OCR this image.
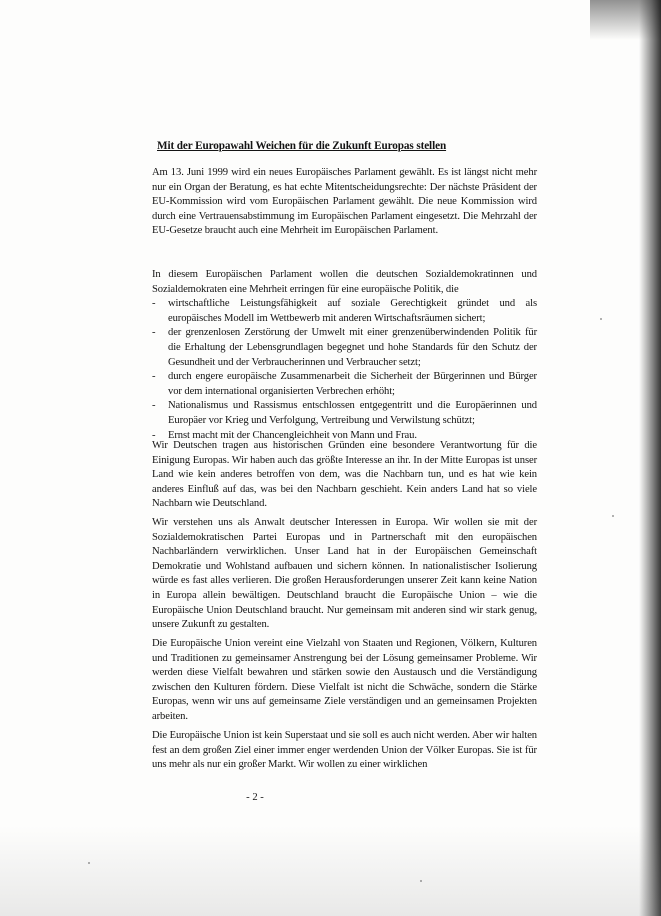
Mit der Europawahl Weichen für die Zukunft Europas stellen

Am 13. Juni 1999 wird ein neues Europäisches Parlament gewählt. Es ist längst nicht mehr nur ein Organ der Beratung, es hat echte Mitentscheidungsrechte: Der nächste Präsident der EU-Kommission wird vom Europäischen Parlament gewählt. Die neue Kommission wird durch eine Vertrauensabstimmung im Europäischen Parlament eingesetzt. Die Mehrzahl der EU-Gesetze braucht auch eine Mehrheit im Europäischen Parlament.

In diesem Europäischen Parlament wollen die deutschen Sozialdemokratinnen und Sozialdemokraten eine Mehrheit erringen für eine europäische Politik, die

- wirtschaftliche Leistungsfähigkeit auf soziale Gerechtigkeit gründet und als europäisches Modell im Wettbewerb mit anderen Wirtschaftsräumen sichert;
- der grenzenlosen Zerstörung der Umwelt mit einer grenzenüberwindenden Politik für die Erhaltung der Lebensgrundlagen begegnet und hohe Standards für den Schutz der Gesundheit und der Verbraucherinnen und Verbraucher setzt;
- durch engere europäische Zusammenarbeit die Sicherheit der Bürgerinnen und Bürger vor dem international organisierten Verbrechen erhöht;
- Nationalismus und Rassismus entschlossen entgegentritt und die Europäerinnen und Europäer vor Krieg und Verfolgung, Vertreibung und Verwilstung schützt;
- Ernst macht mit der Chancengleichheit von Mann und Frau.

Wir Deutschen tragen aus historischen Gründen eine besondere Verantwortung für die Einigung Europas. Wir haben auch das größte Interesse an ihr. In der Mitte Europas ist unser Land wie kein anderes betroffen von dem, was die Nachbarn tun, und es hat wie kein anderes Einfluß auf das, was bei den Nachbarn geschieht. Kein anders Land hat so viele Nachbarn wie Deutschland.

Wir verstehen uns als Anwalt deutscher Interessen in Europa. Wir wollen sie mit der Sozialdemokratischen Partei Europas und in Partnerschaft mit den europäischen Nachbarländern verwirklichen. Unser Land hat in der Europäischen Gemeinschaft Demokratie und Wohlstand aufbauen und sichern können. In nationalistischer Isolierung würde es fast alles verlieren. Die großen Herausforderungen unserer Zeit kann keine Nation in Europa allein bewältigen. Deutschland braucht die Europäische Union – wie die Europäische Union Deutschland braucht. Nur gemeinsam mit anderen sind wir stark genug, unsere Zukunft zu gestalten.

Die Europäische Union vereint eine Vielzahl von Staaten und Regionen, Völkern, Kulturen und Traditionen zu gemeinsamer Anstrengung bei der Lösung gemeinsamer Probleme. Wir werden diese Vielfalt bewahren und stärken sowie den Austausch und die Verständigung zwischen den Kulturen fördern. Diese Vielfalt ist nicht die Schwäche, sondern die Stärke Europas, wenn wir uns auf gemeinsame Ziele verständigen und an gemeinsamen Projekten arbeiten.

Die Europäische Union ist kein Superstaat und sie soll es auch nicht werden. Aber wir halten fest an dem großen Ziel einer immer enger werdenden Union der Völker Europas. Sie ist für uns mehr als nur ein großer Markt. Wir wollen zu einer wirklichen

- 2 -
